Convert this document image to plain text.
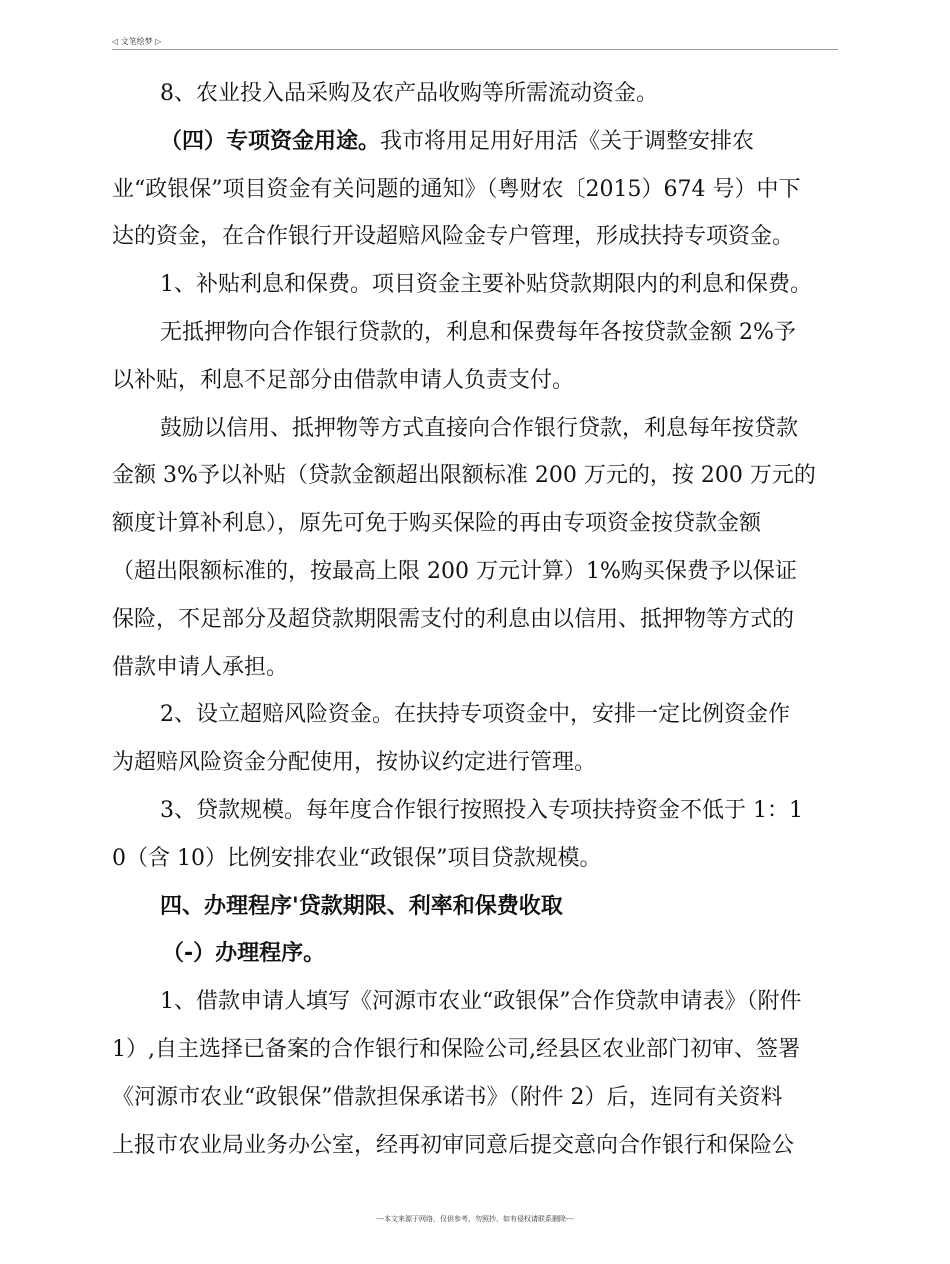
◁ 文笔绘梦 ▷
8、农业投入品采购及农产品收购等所需流动资金。
（四）专项资金用途。我市将用足用好用活《关于调整安排农
业“政银保”项目资金有关问题的通知》（粤财农〔2015）674 号）中下
达的资金，在合作银行开设超赔风险金专户管理，形成扶持专项资金。
1、补贴利息和保费。项目资金主要补贴贷款期限内的利息和保费。
无抵押物向合作银行贷款的，利息和保费每年各按贷款金额 2%予
以补贴，利息不足部分由借款申请人负责支付。
鼓励以信用、抵押物等方式直接向合作银行贷款，利息每年按贷款
金额 3%予以补贴（贷款金额超出限额标准 200 万元的，按 200 万元的
额度计算补利息），原先可免于购买保险的再由专项资金按贷款金额
（超出限额标准的，按最高上限 200 万元计算）1%购买保费予以保证
保险，不足部分及超贷款期限需支付的利息由以信用、抵押物等方式的
借款申请人承担。
2、设立超赔风险资金。在扶持专项资金中，安排一定比例资金作
为超赔风险资金分配使用，按协议约定进行管理。
3、贷款规模。每年度合作银行按照投入专项扶持资金不低于 1：1
0（含 10）比例安排农业“政银保”项目贷款规模。
四、办理程序'贷款期限、利率和保费收取
（-）办理程序。
1、借款申请人填写《河源市农业“政银保”合作贷款申请表》（附件
1）,自主选择已备案的合作银行和保险公司,经县区农业部门初审、签署
《河源市农业“政银保”借款担保承诺书》（附件 2）后，连同有关资料
上报市农业局业务办公室，经再初审同意后提交意向合作银行和保险公
---本文来源于网络，仅供参考，勿照抄，如有侵权请联系删除---
